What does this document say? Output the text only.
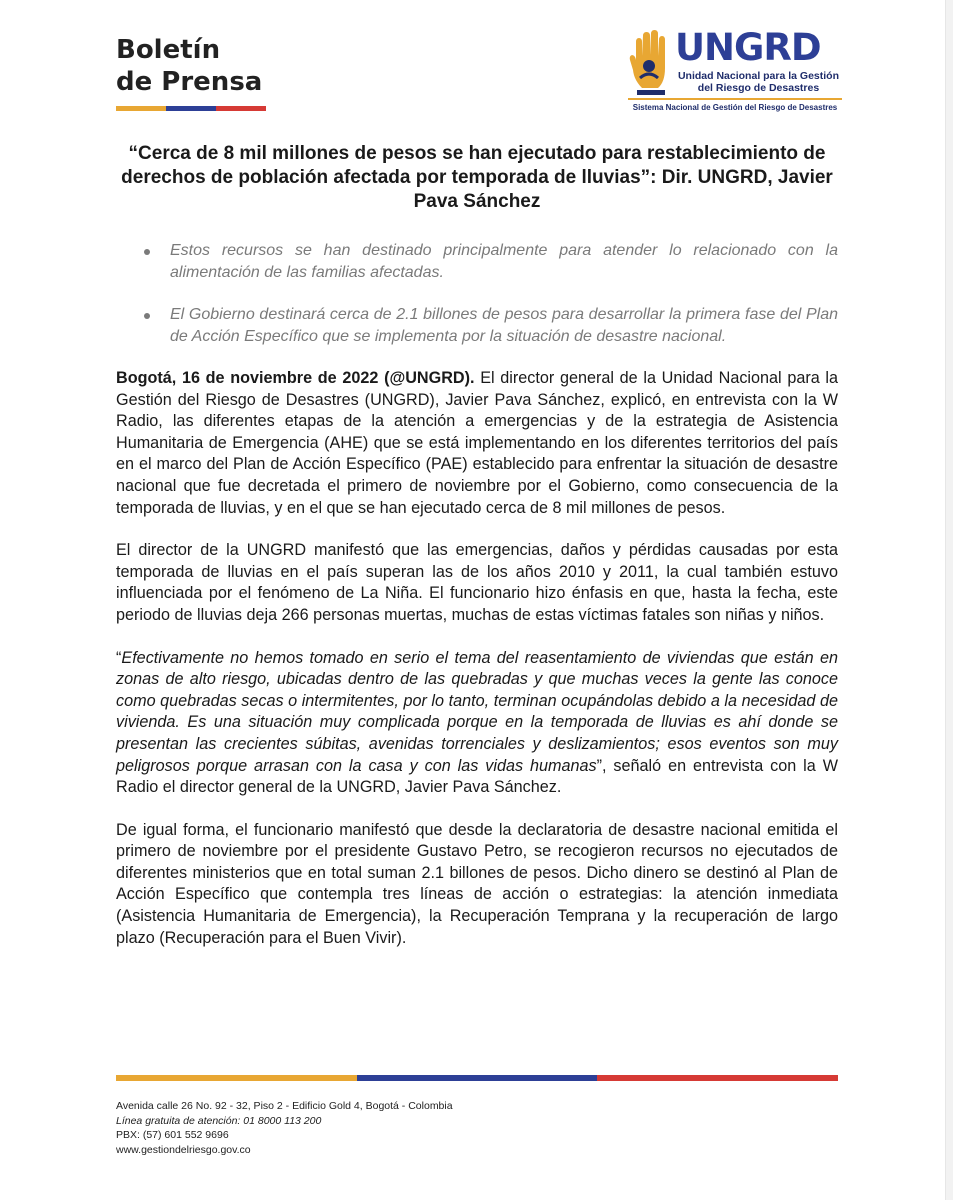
Boletín
de Prensa
UNGRD
Unidad Nacional para la Gestión
del Riesgo de Desastres
Sistema Nacional de Gestión del Riesgo de Desastres
“Cerca de 8 mil millones de pesos se han ejecutado para restablecimiento de derechos de población afectada por temporada de lluvias”: Dir. UNGRD, Javier Pava Sánchez
Estos recursos se han destinado principalmente para atender lo relacionado con la alimentación de las familias afectadas.
El Gobierno destinará cerca de 2.1 billones de pesos para desarrollar la primera fase del Plan de Acción Específico que se implementa por la situación de desastre nacional.

Bogotá, 16 de noviembre de 2022 (@UNGRD). El director general de la Unidad Nacional para la Gestión del Riesgo de Desastres (UNGRD), Javier Pava Sánchez, explicó, en entrevista con la W Radio, las diferentes etapas de la atención a emergencias y de la estrategia de Asistencia Humanitaria de Emergencia (AHE) que se está implementando en los diferentes territorios del país en el marco del Plan de Acción Específico (PAE) establecido para enfrentar la situación de desastre nacional que fue decretada el primero de noviembre por el Gobierno, como consecuencia de la temporada de lluvias, y en el que se han ejecutado cerca de 8 mil millones de pesos.

El director de la UNGRD manifestó que las emergencias, daños y pérdidas causadas por esta temporada de lluvias en el país superan las de los años 2010 y 2011, la cual también estuvo influenciada por el fenómeno de La Niña. El funcionario hizo énfasis en que, hasta la fecha, este periodo de lluvias deja 266 personas muertas, muchas de estas víctimas fatales son niñas y niños.

“Efectivamente no hemos tomado en serio el tema del reasentamiento de viviendas que están en zonas de alto riesgo, ubicadas dentro de las quebradas y que muchas veces la gente las conoce como quebradas secas o intermitentes, por lo tanto, terminan ocupándolas debido a la necesidad de vivienda. Es una situación muy complicada porque en la temporada de lluvias es ahí donde se presentan las crecientes súbitas, avenidas torrenciales y deslizamientos; esos eventos son muy peligrosos porque arrasan con la casa y con las vidas humanas”, señaló en entrevista con la W Radio el director general de la UNGRD, Javier Pava Sánchez.

De igual forma, el funcionario manifestó que desde la declaratoria de desastre nacional emitida el primero de noviembre por el presidente Gustavo Petro, se recogieron recursos no ejecutados de diferentes ministerios que en total suman 2.1 billones de pesos. Dicho dinero se destinó al Plan de Acción Específico que contempla tres líneas de acción o estrategias: la atención inmediata (Asistencia Humanitaria de Emergencia), la Recuperación Temprana y la recuperación de largo plazo (Recuperación para el Buen Vivir).

Avenida calle 26 No. 92 - 32, Piso 2 - Edificio Gold 4, Bogotá - Colombia
Línea gratuita de atención: 01 8000 113 200
PBX: (57) 601 552 9696
www.gestiondelriesgo.gov.co
